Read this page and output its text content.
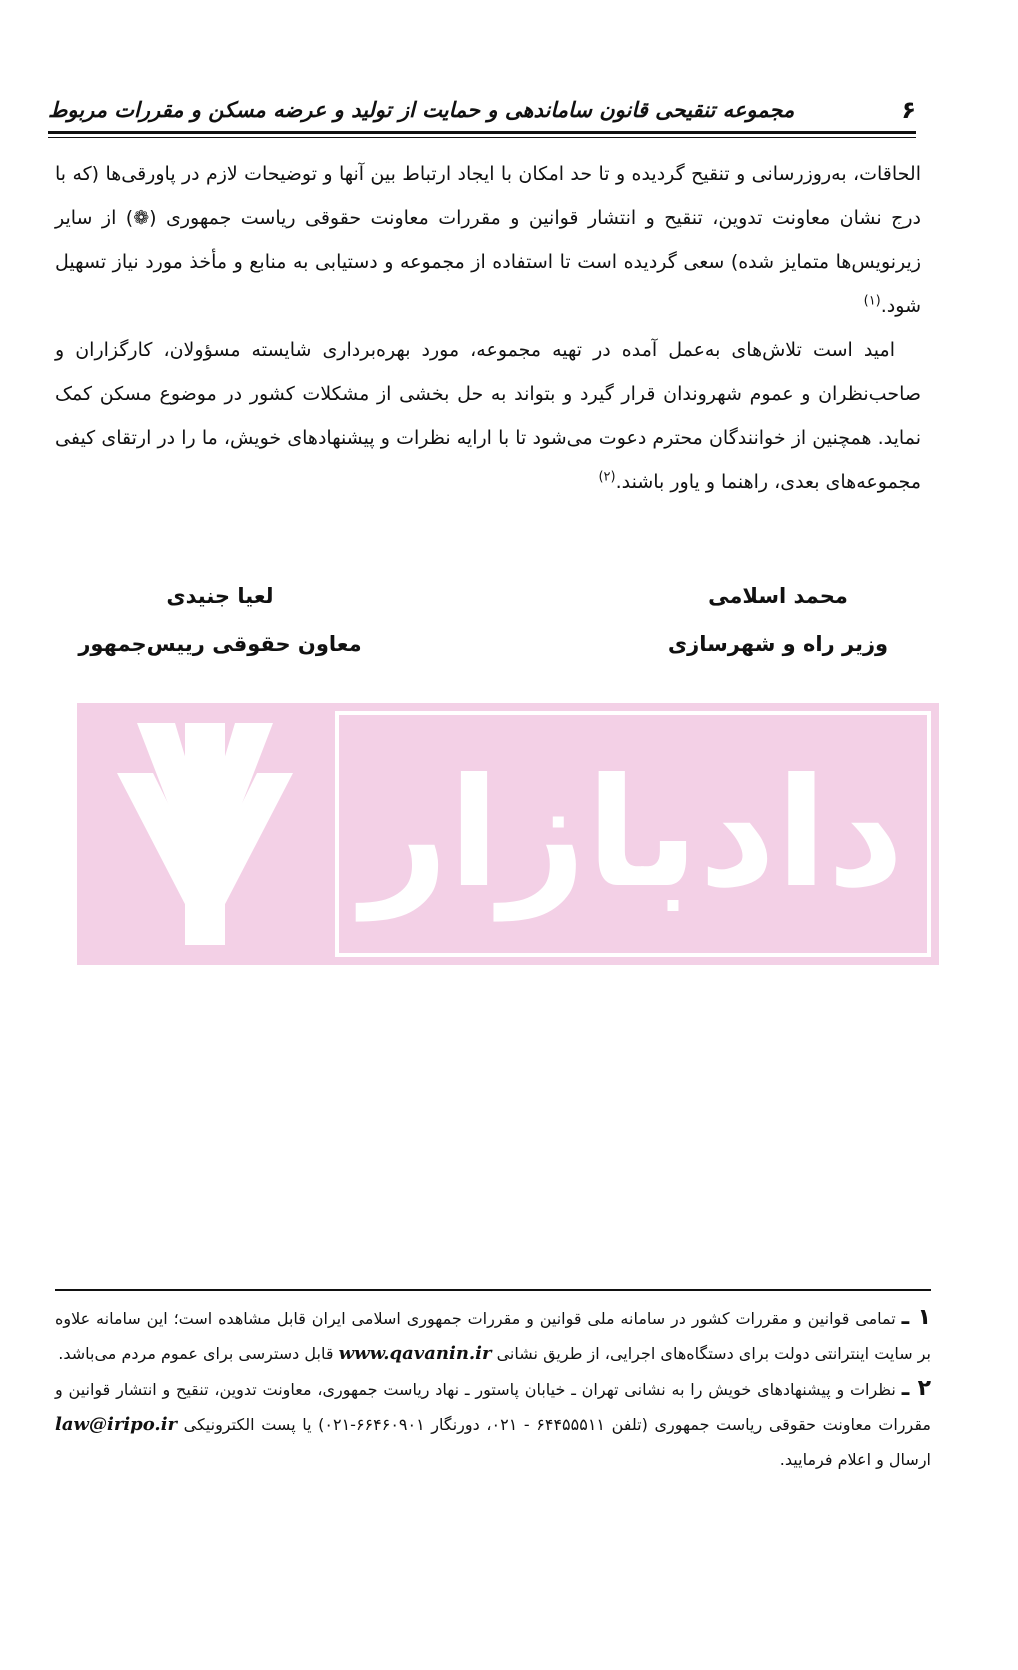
۶
مجموعه تنقیحی قانون ساماندهی و حمایت از تولید و عرضه مسکن و مقررات مربوط

الحاقات، به‌روزرسانی و تنقیح گردیده و تا حد امکان با ایجاد ارتباط بین آنها و توضیحات لازم در پاورقی‌ها (که با درج نشان معاونت تدوین، تنقیح و انتشار قوانین و مقررات معاونت حقوقی ریاست جمهوری (❁) از سایر زیرنویس‌ها متمایز شده) سعی گردیده است تا استفاده از مجموعه و دستیابی به منابع و مأخذ مورد نیاز تسهیل شود.$^{(۱)}$

امید است تلاش‌های به‌عمل آمده در تهیه مجموعه، مورد بهره‌برداری شایسته مسؤولان، کارگزاران و صاحب‌نظران و عموم شهروندان قرار گیرد و بتواند به حل بخشی از مشکلات کشور در موضوع مسکن کمک نماید. همچنین از خوانندگان محترم دعوت می‌شود تا با ارایه نظرات و پیشنهادهای خویش، ما را در ارتقای کیفی مجموعه‌های بعدی، راهنما و یاور باشند.$^{(۲)}$

محمد اسلامی
وزیر راه و شهرسازی
لعیا جنیدی
معاون حقوقی رییس‌جمهور
دادبازار

۱ ـ تمامی قوانین و مقررات کشور در سامانه ملی قوانین و مقررات جمهوری اسلامی ایران قابل مشاهده است؛ این سامانه علاوه بر سایت اینترانتی دولت برای دستگاه‌های اجرایی، از طریق نشانی www.qavanin.ir قابل دسترسی برای عموم مردم می‌باشد.

۲ ـ نظرات و پیشنهادهای خویش را به نشانی تهران ـ خیابان پاستور ـ نهاد ریاست جمهوری، معاونت تدوین، تنقیح و انتشار قوانین و مقررات معاونت حقوقی ریاست جمهوری (تلفن ۶۴۴۵۵۵۱۱ - ۰۲۱، دورنگار ۶۶۴۶۰۹۰۱-۰۲۱) یا پست الکترونیکی law@iripo.ir ارسال و اعلام فرمایید.
